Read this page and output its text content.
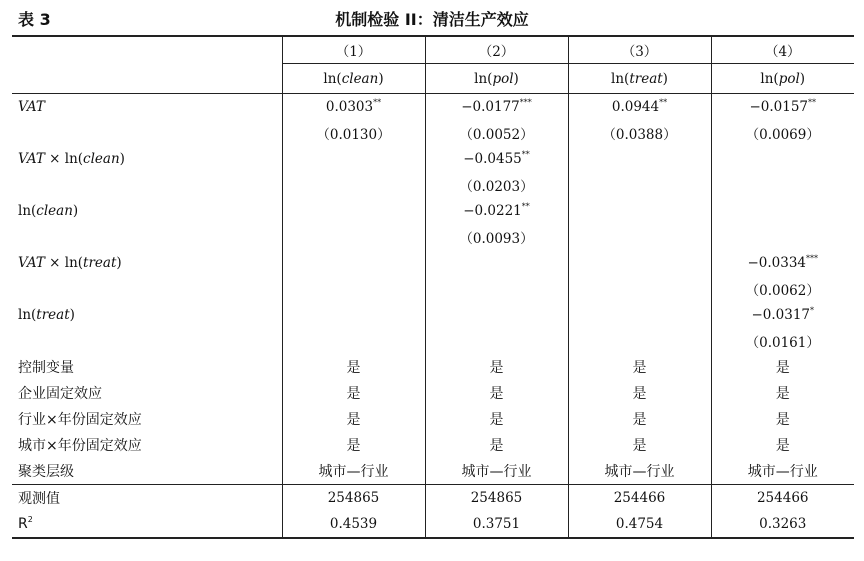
表 3	机制检验 II：清洁生产效应
	（1）	（2）	（3）	（4）
	ln(clean)	ln(pol)	ln(treat)	ln(pol)
VAT	0.0303**	−0.0177***	0.0944**	−0.0157**
	（0.0130）	（0.0052）	（0.0388）	（0.0069）
VAT × ln(clean)		−0.0455**		
		（0.0203）		
ln(clean)		−0.0221**		
		（0.0093）		
VAT × ln(treat)				−0.0334***
				（0.0062）
ln(treat)				−0.0317*
				（0.0161）
控制变量	是	是	是	是
企业固定效应	是	是	是	是
行业×年份固定效应	是	是	是	是
城市×年份固定效应	是	是	是	是
聚类层级	城市—行业	城市—行业	城市—行业	城市—行业
观测值	254865	254865	254466	254466
$R^2$	0.4539	0.3751	0.4754	0.3263
